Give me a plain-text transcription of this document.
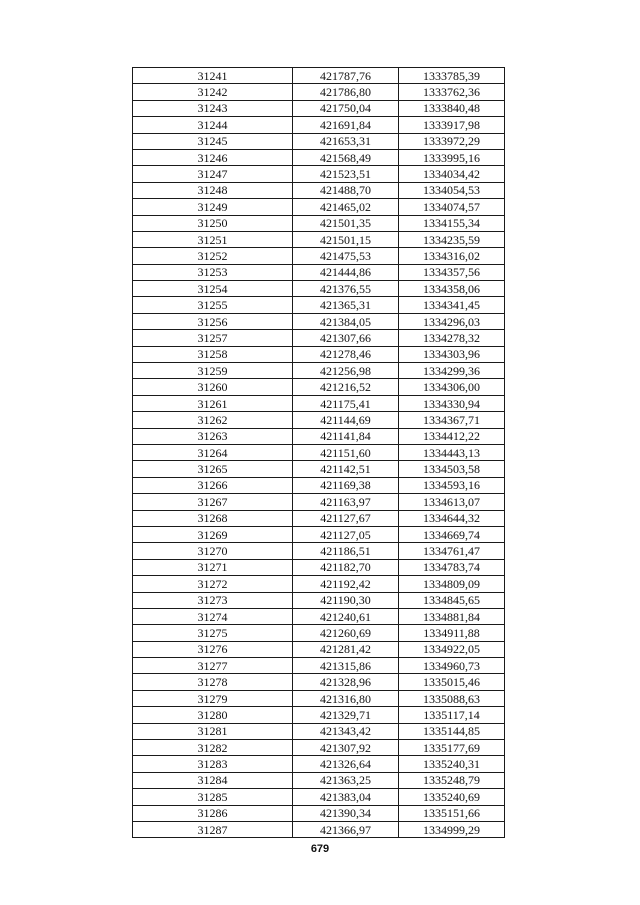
31241	421787,76	1333785,39
31242	421786,80	1333762,36
31243	421750,04	1333840,48
31244	421691,84	1333917,98
31245	421653,31	1333972,29
31246	421568,49	1333995,16
31247	421523,51	1334034,42
31248	421488,70	1334054,53
31249	421465,02	1334074,57
31250	421501,35	1334155,34
31251	421501,15	1334235,59
31252	421475,53	1334316,02
31253	421444,86	1334357,56
31254	421376,55	1334358,06
31255	421365,31	1334341,45
31256	421384,05	1334296,03
31257	421307,66	1334278,32
31258	421278,46	1334303,96
31259	421256,98	1334299,36
31260	421216,52	1334306,00
31261	421175,41	1334330,94
31262	421144,69	1334367,71
31263	421141,84	1334412,22
31264	421151,60	1334443,13
31265	421142,51	1334503,58
31266	421169,38	1334593,16
31267	421163,97	1334613,07
31268	421127,67	1334644,32
31269	421127,05	1334669,74
31270	421186,51	1334761,47
31271	421182,70	1334783,74
31272	421192,42	1334809,09
31273	421190,30	1334845,65
31274	421240,61	1334881,84
31275	421260,69	1334911,88
31276	421281,42	1334922,05
31277	421315,86	1334960,73
31278	421328,96	1335015,46
31279	421316,80	1335088,63
31280	421329,71	1335117,14
31281	421343,42	1335144,85
31282	421307,92	1335177,69
31283	421326,64	1335240,31
31284	421363,25	1335248,79
31285	421383,04	1335240,69
31286	421390,34	1335151,66
31287	421366,97	1334999,29
679
